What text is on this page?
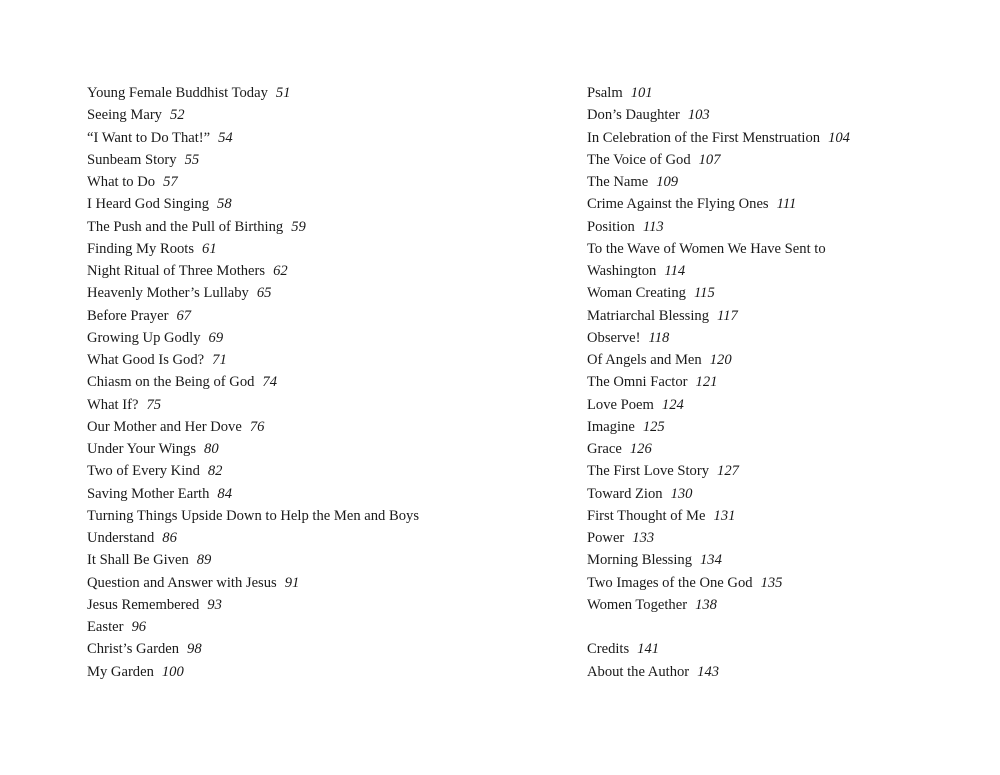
Young Female Buddhist Today 51
Seeing Mary 52
“I Want to Do That!” 54
Sunbeam Story 55
What to Do 57
I Heard God Singing 58
The Push and the Pull of Birthing 59
Finding My Roots 61
Night Ritual of Three Mothers 62
Heavenly Mother’s Lullaby 65
Before Prayer 67
Growing Up Godly 69
What Good Is God? 71
Chiasm on the Being of God 74
What If? 75
Our Mother and Her Dove 76
Under Your Wings 80
Two of Every Kind 82
Saving Mother Earth 84
Turning Things Upside Down to Help the Men and Boys
Understand 86
It Shall Be Given 89
Question and Answer with Jesus 91
Jesus Remembered 93
Easter 96
Christ’s Garden 98
My Garden 100
Psalm 101
Don’s Daughter 103
In Celebration of the First Menstruation 104
The Voice of God 107
The Name 109
Crime Against the Flying Ones 111
Position 113
To the Wave of Women We Have Sent to
Washington 114
Woman Creating 115
Matriarchal Blessing 117
Observe! 118
Of Angels and Men 120
The Omni Factor 121
Love Poem 124
Imagine 125
Grace 126
The First Love Story 127
Toward Zion 130
First Thought of Me 131
Power 133
Morning Blessing 134
Two Images of the One God 135
Women Together 138
Credits 141
About the Author 143
